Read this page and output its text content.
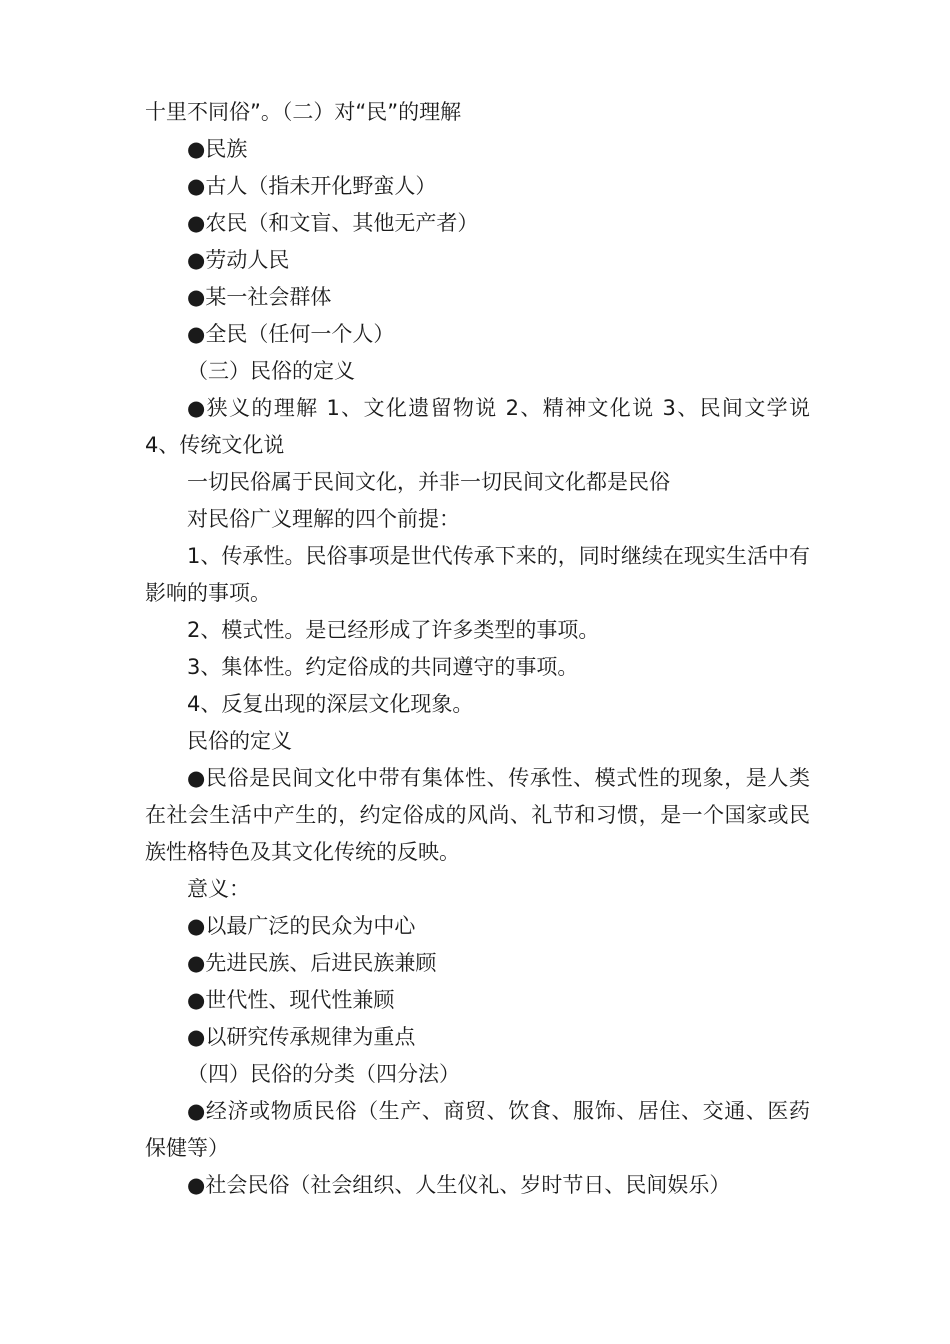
十里不同俗”。（二）对“民”的理解

●民族

●古人（指未开化野蛮人）

●农民（和文盲、其他无产者）

●劳动人民

●某一社会群体

●全民（任何一个人）

（三）民俗的定义

●狭义的理解 1、文化遗留物说 2、精神文化说 3、民间文学说 4、传统文化说

一切民俗属于民间文化，并非一切民间文化都是民俗

对民俗广义理解的四个前提：

1、传承性。民俗事项是世代传承下来的，同时继续在现实生活中有影响的事项。

2、模式性。是已经形成了许多类型的事项。

3、集体性。约定俗成的共同遵守的事项。

4、反复出现的深层文化现象。

民俗的定义

●民俗是民间文化中带有集体性、传承性、模式性的现象，是人类在社会生活中产生的，约定俗成的风尚、礼节和习惯，是一个国家或民族性格特色及其文化传统的反映。

意义：

●以最广泛的民众为中心

●先进民族、后进民族兼顾

●世代性、现代性兼顾

●以研究传承规律为重点

（四）民俗的分类（四分法）

●经济或物质民俗（生产、商贸、饮食、服饰、居住、交通、医药保健等）

●社会民俗（社会组织、人生仪礼、岁时节日、民间娱乐）
